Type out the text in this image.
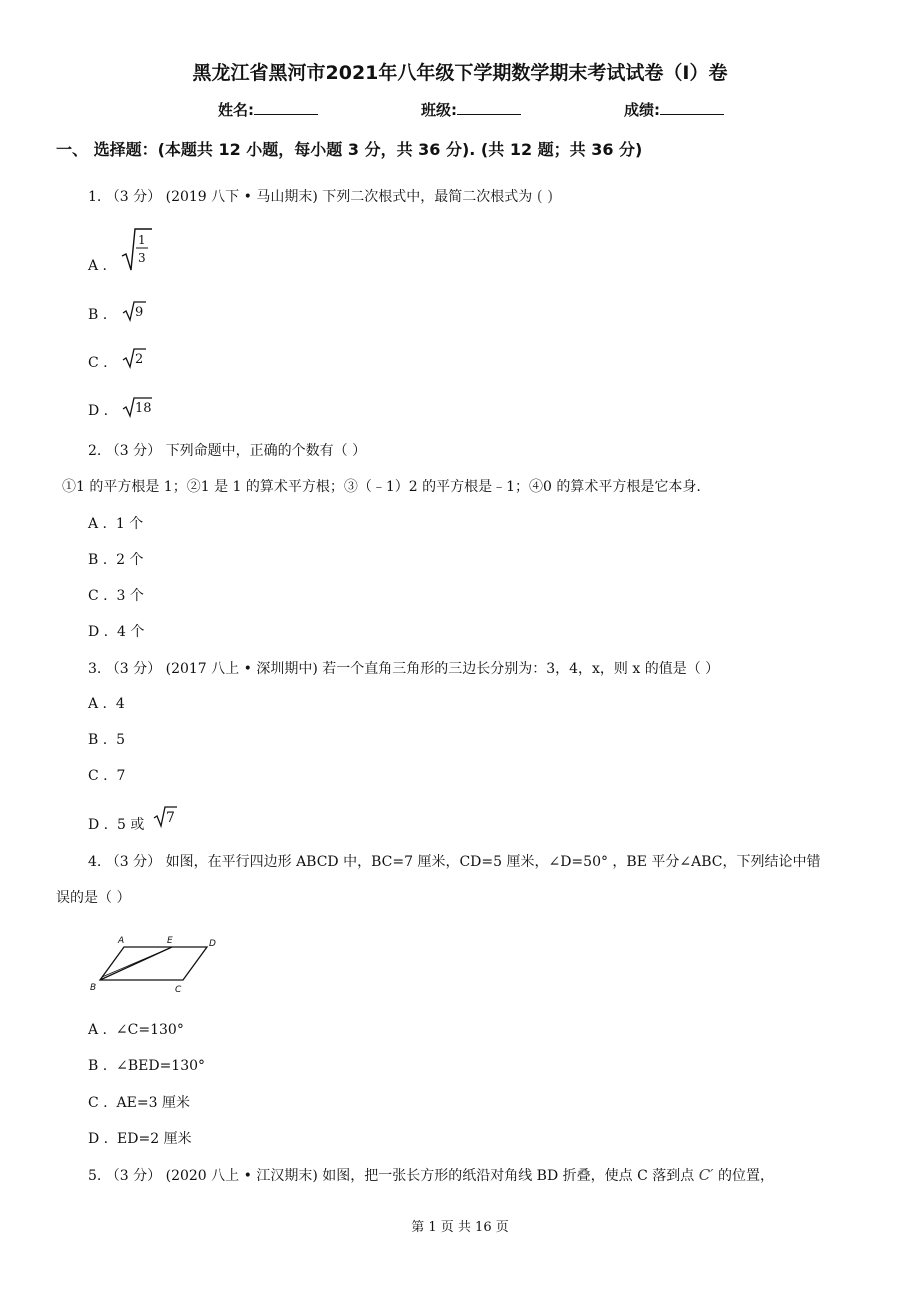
黑龙江省黑河市2021年八年级下学期数学期末考试试卷（I）卷
姓名:	班级:	成绩:
一、 选择题：(本题共 12 小题，每小题 3 分，共 36 分). (共 12 题；共 36 分)
1. （3 分） (2019 八下 • 马山期末) 下列二次根式中，最简二次根式为 ( )
A .
1
3
B . 9
C . 2
D . 18
2. （3 分） 下列命题中，正确的个数有（ ）
①1 的平方根是 1；②1 是 1 的算术平方根；③（﹣1）2 的平方根是﹣1；④0 的算术平方根是它本身.
A . 1 个
B . 2 个
C . 3 个
D . 4 个
3. （3 分） (2017 八上 • 深圳期中) 若一个直角三角形的三边长分别为：3，4，x，则 x 的值是（ ）
A . 4
B . 5
C . 7
D . 5 或 7
4. （3 分） 如图，在平行四边形 ABCD 中，BC=7 厘米，CD=5 厘米，∠D=50° ，BE 平分∠ABC，下列结论中错
误的是（ ）
A	E	D
B	C
A . ∠C=130°
B . ∠BED=130°
C . AE=3 厘米
D . ED=2 厘米
5. （3 分） (2020 八上 • 江汉期末) 如图，把一张长方形的纸沿对角线 BD 折叠，使点 C 落到点 C′ 的位置，
第 1 页 共 16 页
